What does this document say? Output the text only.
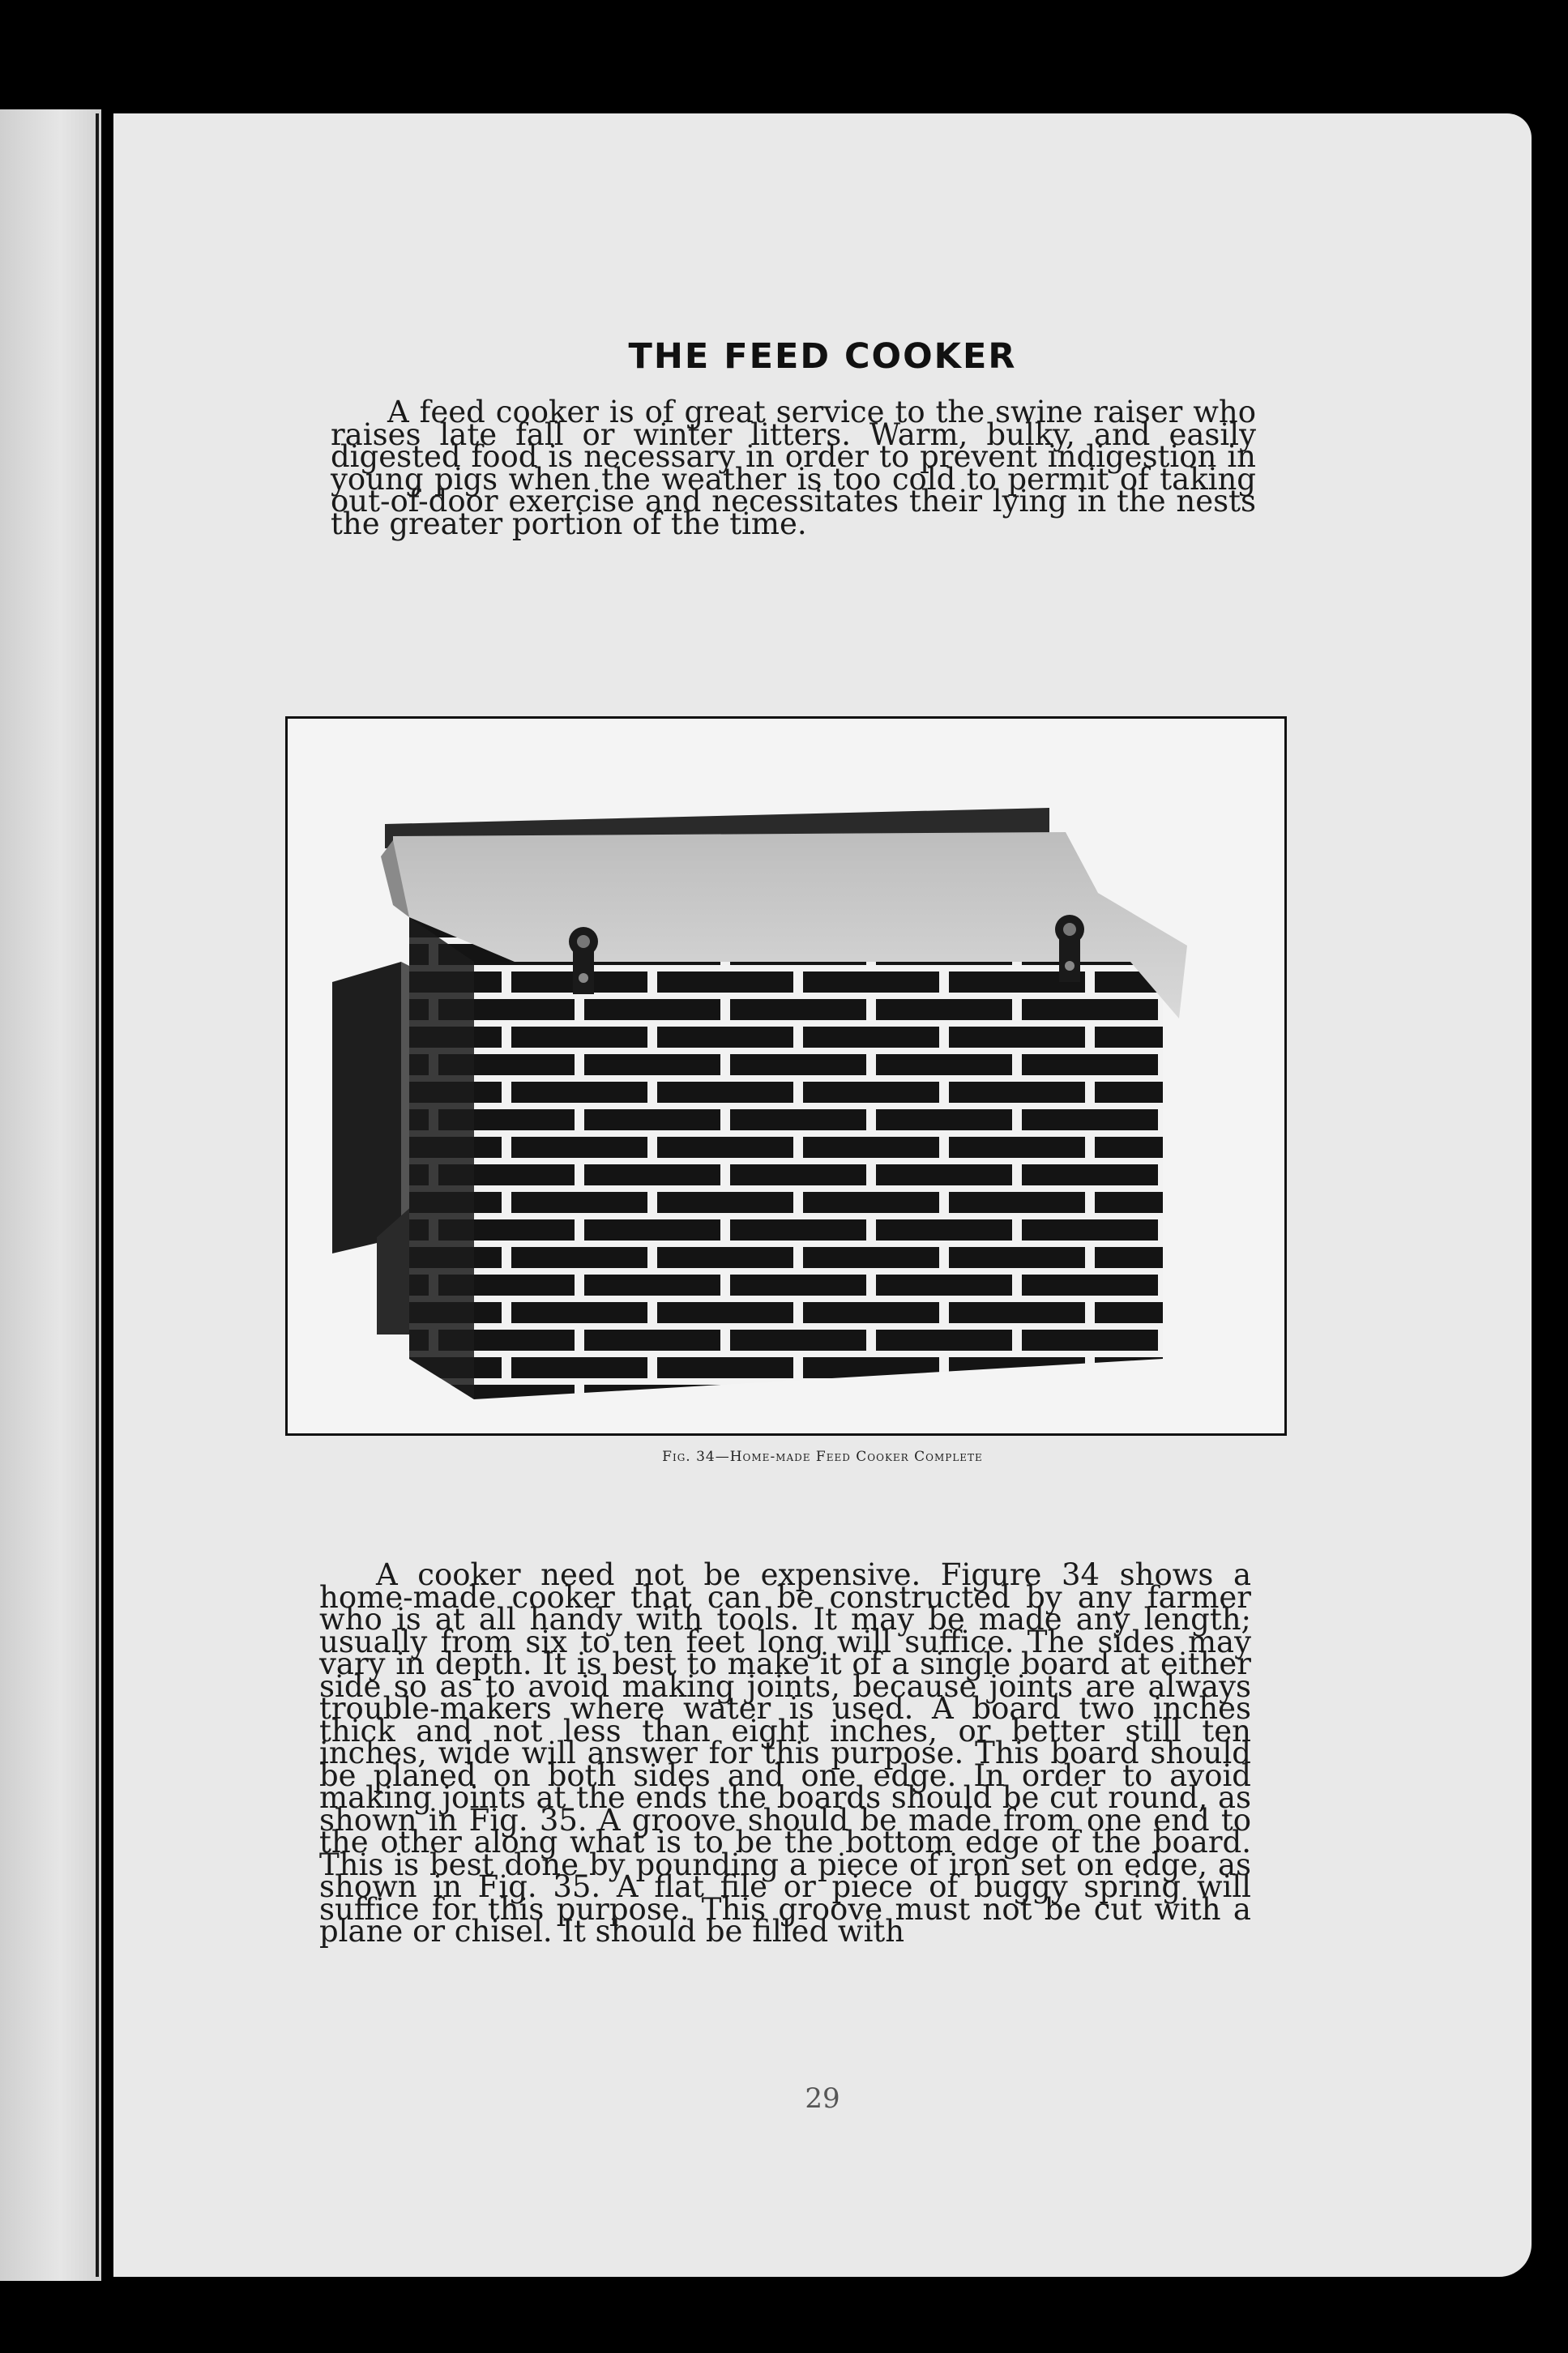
THE FEED COOKER

A feed cooker is of great service to the swine raiser who raises late fall or winter litters. Warm, bulky, and easily digested food is necessary in order to prevent indigestion in young pigs when the weather is too cold to permit of taking out-of-door exercise and necessitates their lying in the nests the greater portion of the time.

Fig. 34—Home-made Feed Cooker Complete

A cooker need not be expensive. Figure 34 shows a home-made cooker that can be constructed by any farmer who is at all handy with tools. It may be made any length; usually from six to ten feet long will suffice. The sides may vary in depth. It is best to make it of a single board at either side so as to avoid making joints, because joints are always trouble-makers where water is used. A board two inches thick and not less than eight inches, or better still ten inches, wide will answer for this purpose. This board should be planed on both sides and one edge. In order to avoid making joints at the ends the boards should be cut round, as shown in Fig. 35. A groove should be made from one end to the other along what is to be the bottom edge of the board. This is best done by pounding a piece of iron set on edge, as shown in Fig. 35. A flat file or piece of buggy spring will suffice for this purpose. This groove must not be cut with a plane or chisel. It should be filled with

29
